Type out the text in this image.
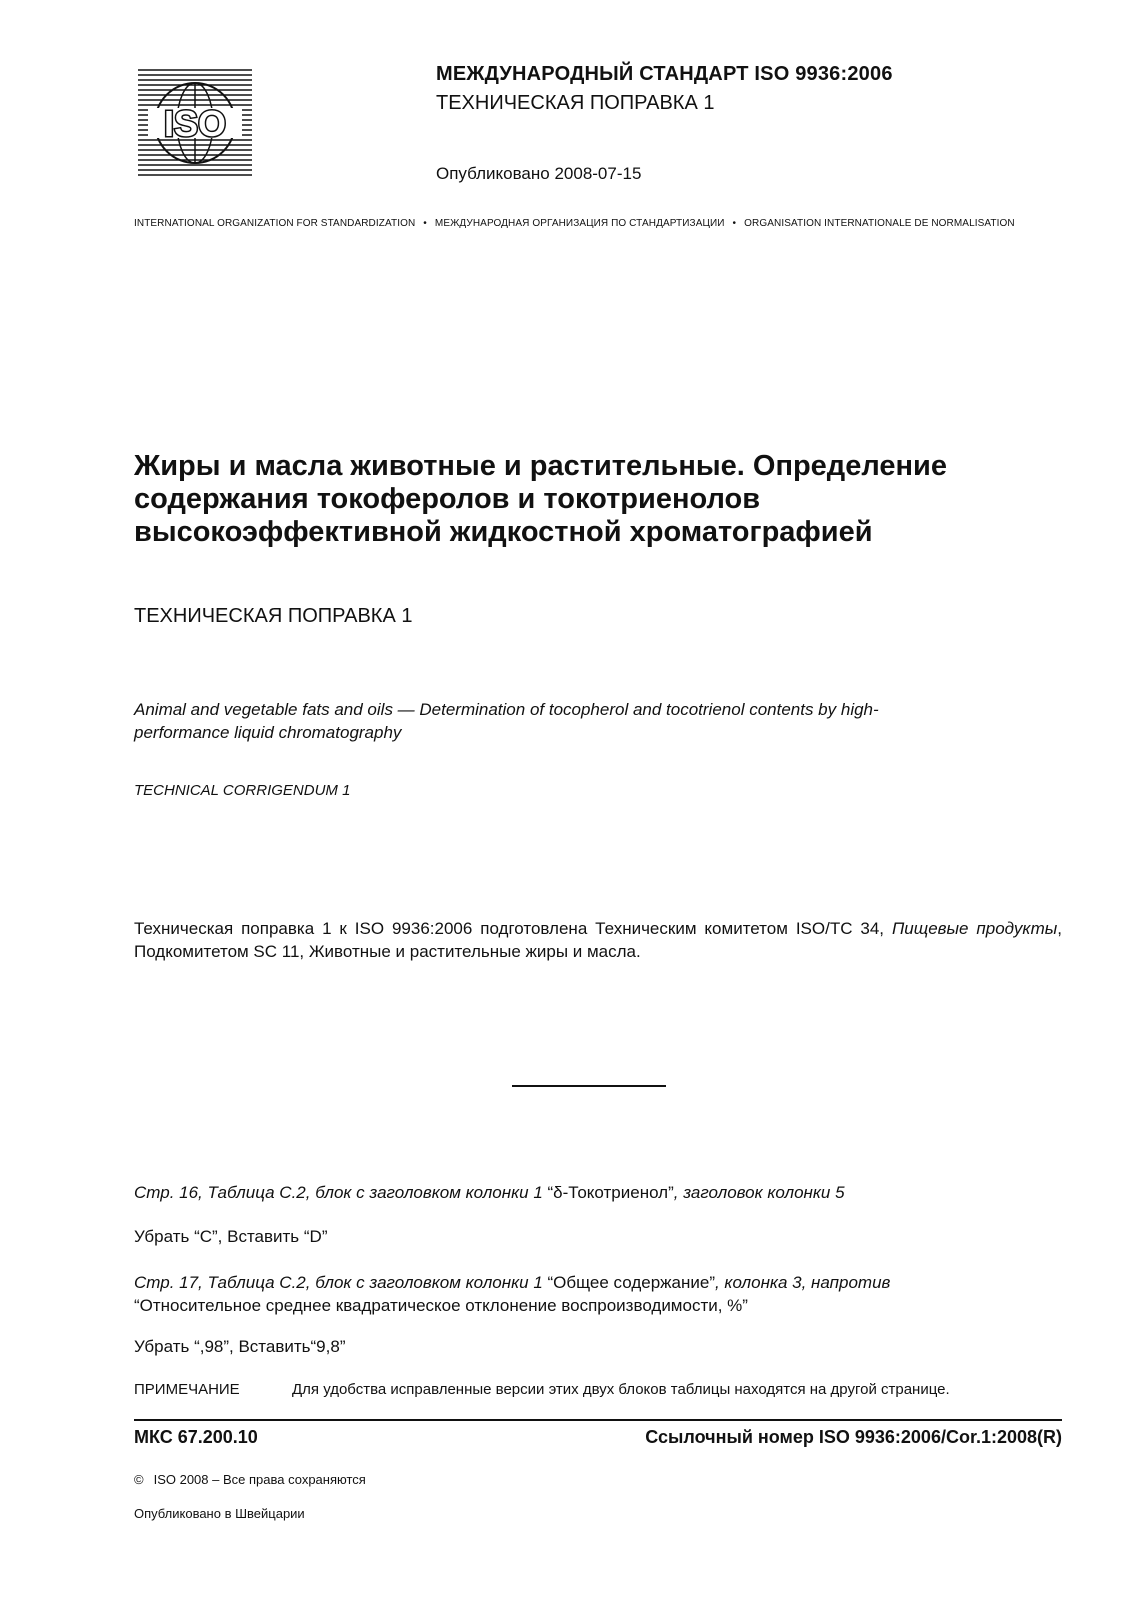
ISO
МЕЖДУНАРОДНЫЙ СТАНДАРТ ISO 9936:2006
ТЕХНИЧЕСКАЯ ПОПРАВКА 1
Опубликовано 2008-07-15
INTERNATIONAL ORGANIZATION FOR STANDARDIZATION • МЕЖДУНАРОДНАЯ ОРГАНИЗАЦИЯ ПО СТАНДАРТИЗАЦИИ • ORGANISATION INTERNATIONALE DE NORMALISATION
Жиры и масла животные и растительные. Определение
содержания токоферолов и токотриенолов
высокоэффективной жидкостной хроматографией
ТЕХНИЧЕСКАЯ ПОПРАВКА 1
Animal and vegetable fats and oils — Determination of tocopherol and tocotrienol contents by high-
performance liquid chromatography
TECHNICAL CORRIGENDUM 1
Техническая поправка 1 к ISO 9936:2006 подготовлена Техническим комитетом ISO/TC 34, Пищевые продукты, Подкомитетом SC 11, Животные и растительные жиры и масла.
Стр. 16, Таблица С.2, блок с заголовком колонки 1 “δ-Токотриенол”, заголовок колонки 5
Убрать “С”, Вставить “D”
Стр. 17, Таблица С.2, блок с заголовком колонки 1 “Общее содержание”, колонка 3, напротив
“Относительное среднее квадратическое отклонение воспроизводимости, %”
Убрать “,98”, Вставить“9,8”
ПРИМЕЧАНИЕ	Для удобства исправленные версии этих двух блоков таблицы находятся на другой странице.
МКС 67.200.10	Ссылочный номер ISO 9936:2006/Cor.1:2008(R)
© ISO 2008 – Все права сохраняются
Опубликовано в Швейцарии
